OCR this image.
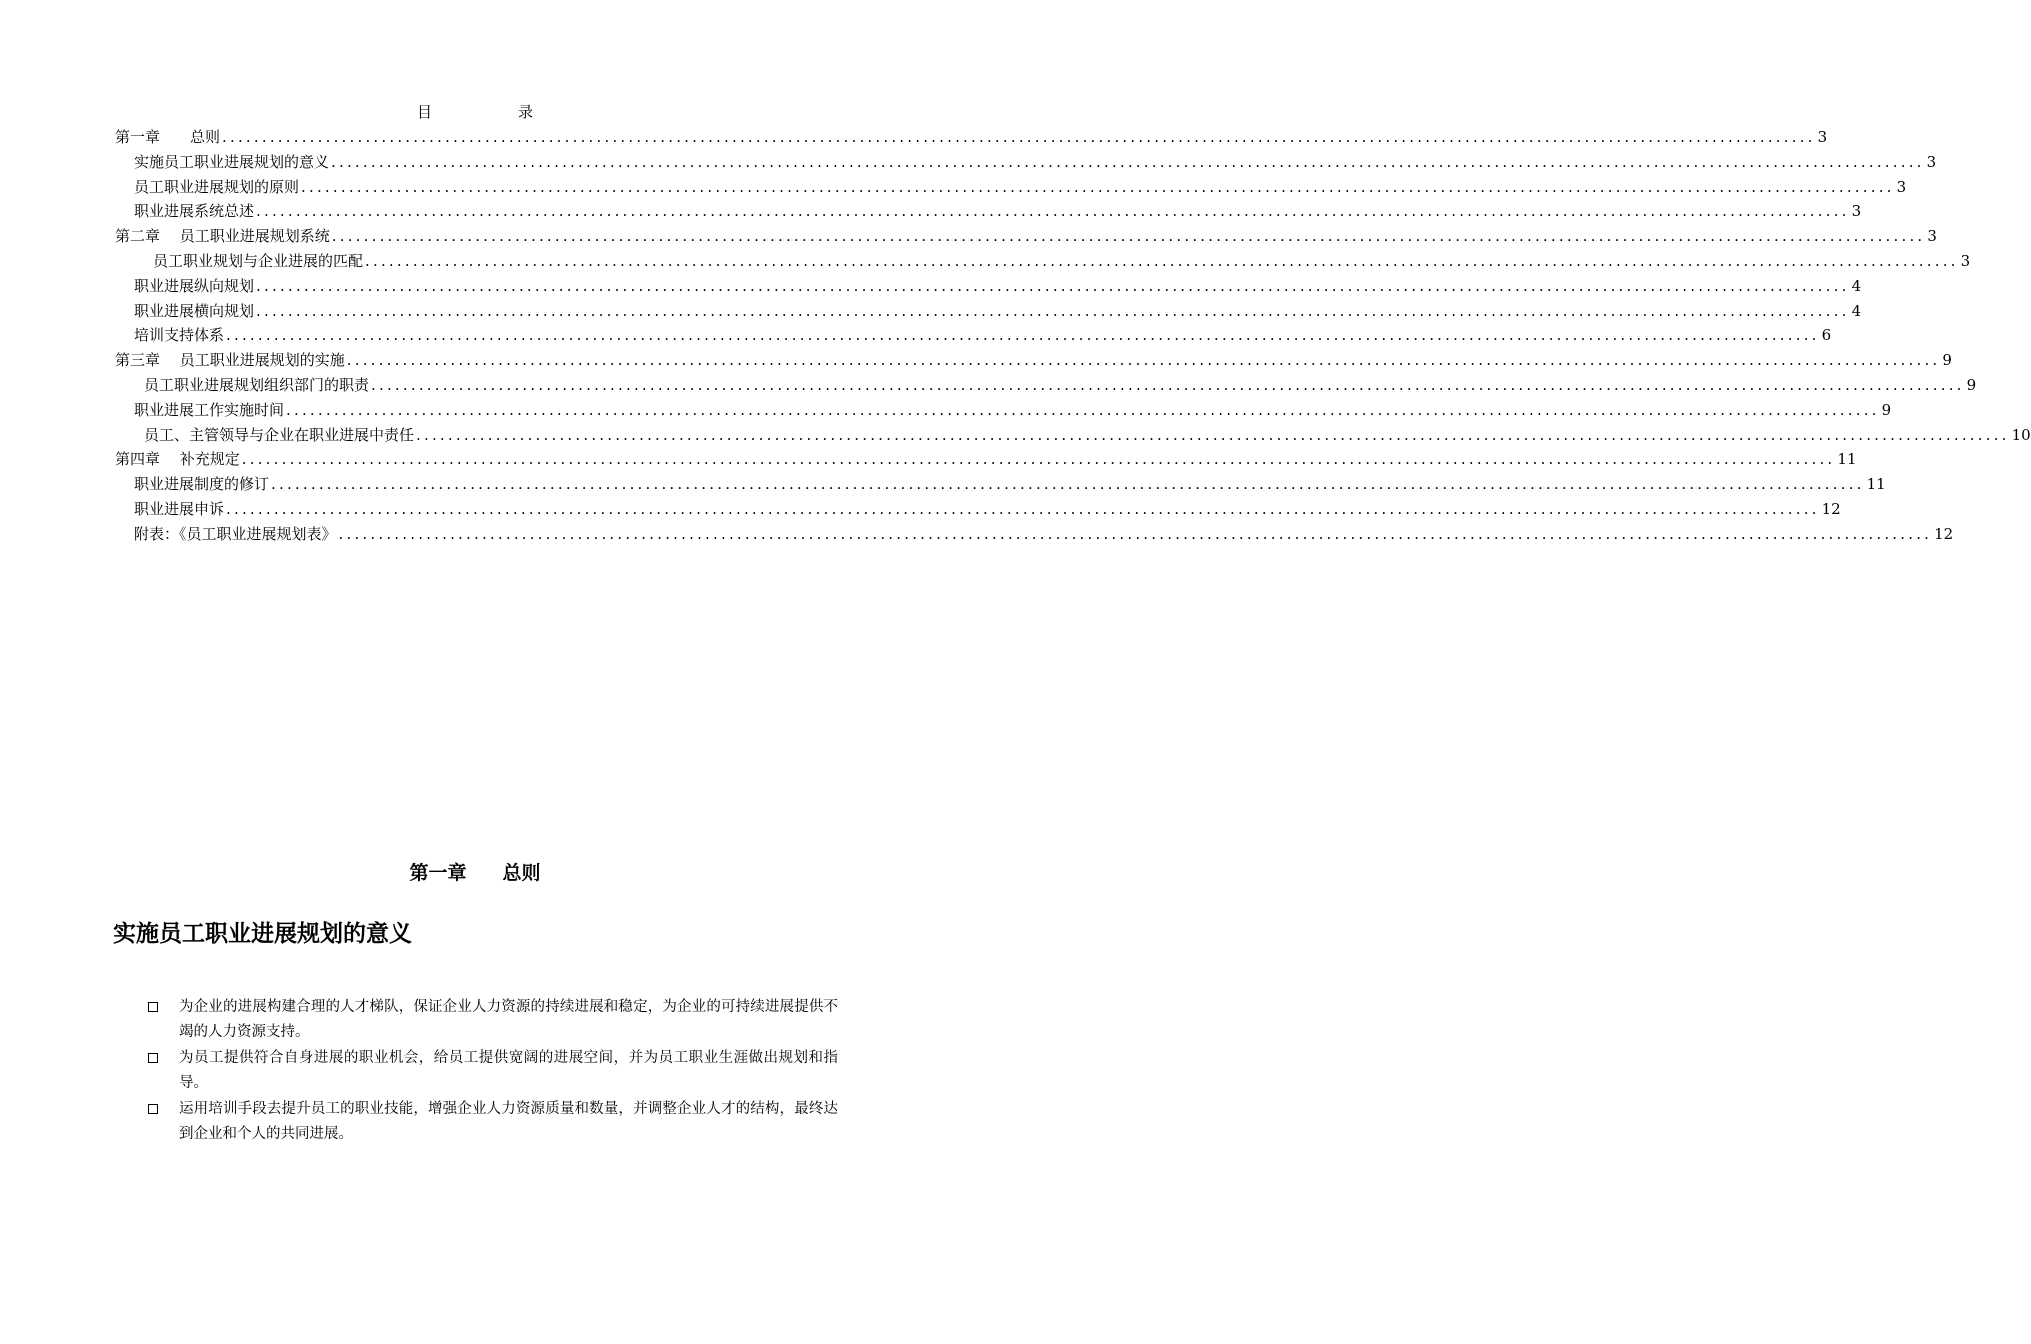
目	录
第一章　　总则 ........................................................................................................................................................................................................ 3
实施员工职业进展规划的意义 ........................................................................................................................................................................................................ 3
员工职业进展规划的原则 ........................................................................................................................................................................................................ 3
职业进展系统总述 ........................................................................................................................................................................................................ 3
第二章　 员工职业进展规划系统 ........................................................................................................................................................................................................ 3
员工职业规划与企业进展的匹配 ........................................................................................................................................................................................................ 3
职业进展纵向规划 ........................................................................................................................................................................................................ 4
职业进展横向规划 ........................................................................................................................................................................................................ 4
培训支持体系 ........................................................................................................................................................................................................ 6
第三章　 员工职业进展规划的实施 ........................................................................................................................................................................................................ 9
员工职业进展规划组织部门的职责 ........................................................................................................................................................................................................ 9
职业进展工作实施时间 ........................................................................................................................................................................................................ 9
员工、主管领导与企业在职业进展中责任 ........................................................................................................................................................................................................ 10
第四章　 补充规定 ........................................................................................................................................................................................................ 11
职业进展制度的修订 ........................................................................................................................................................................................................ 11
职业进展申诉 ........................................................................................................................................................................................................ 12
附表：《员工职业进展规划表》 ........................................................................................................................................................................................................ 12
第一章 总则
实施员工职业进展规划的意义
为企业的进展构建合理的人才梯队，保证企业人力资源的持续进展和稳定，为企业的可持续进展提供不竭的人力资源支持。
为员工提供符合自身进展的职业机会，给员工提供宽阔的进展空间，并为员工职业生涯做出规划和指导。
运用培训手段去提升员工的职业技能，增强企业人力资源质量和数量，并调整企业人才的结构，最终达到企业和个人的共同进展。
